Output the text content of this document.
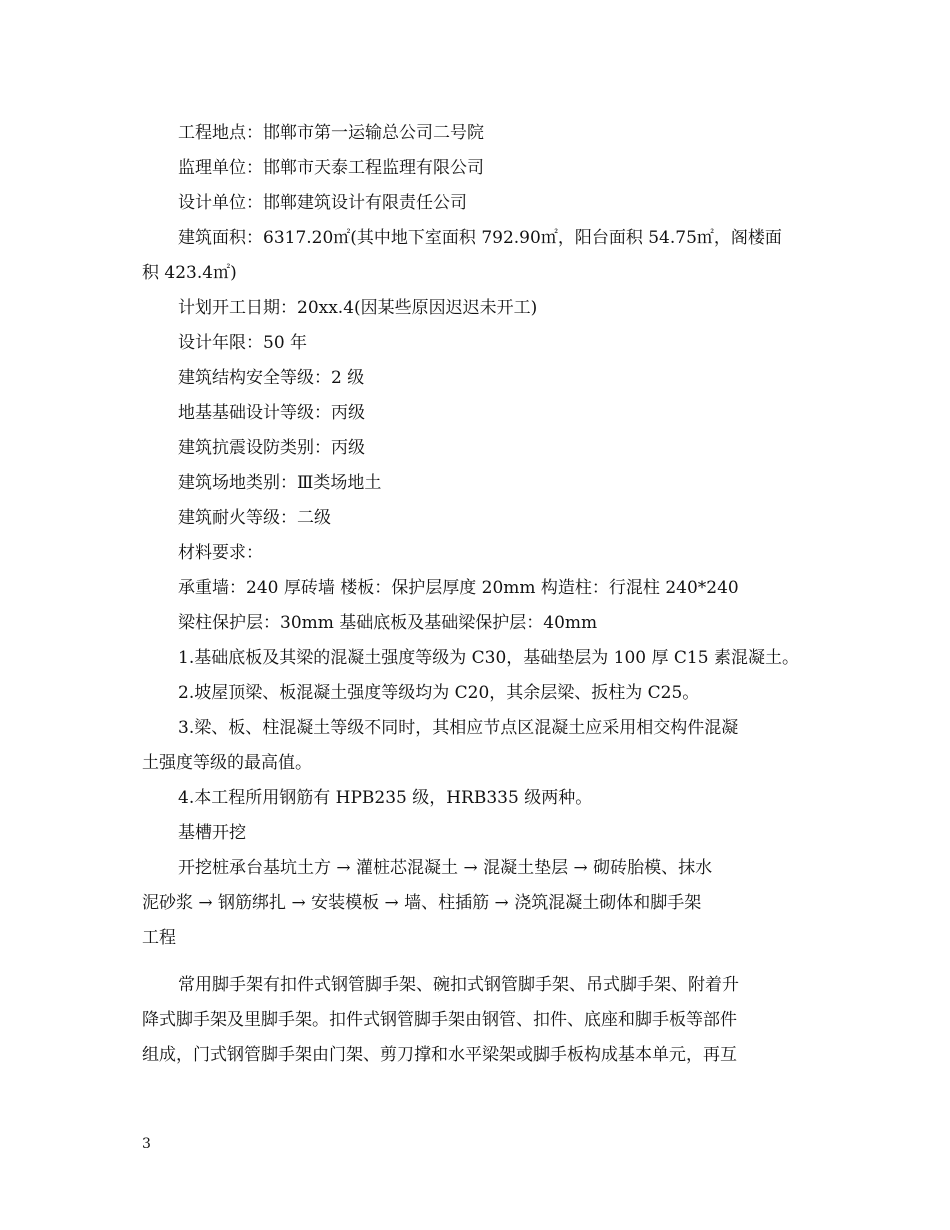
工程地点：邯郸市第一运输总公司二号院
监理单位：邯郸市天泰工程监理有限公司
设计单位：邯郸建筑设计有限责任公司
建筑面积：6317.20㎡(其中地下室面积 792.90㎡，阳台面积 54.75㎡，阁楼面
积 423.4㎡)
计划开工日期：20xx.4(因某些原因迟迟未开工)
设计年限：50 年
建筑结构安全等级：2 级
地基基础设计等级：丙级
建筑抗震设防类别：丙级
建筑场地类别：Ⅲ类场地土
建筑耐火等级：二级
材料要求：
承重墙：240 厚砖墙 楼板：保护层厚度 20mm 构造柱：行混柱 240*240
梁柱保护层：30mm 基础底板及基础梁保护层：40mm
1.基础底板及其梁的混凝土强度等级为 C30，基础垫层为 100 厚 C15 素混凝土。
2.坡屋顶梁、板混凝土强度等级均为 C20，其余层梁、扳柱为 C25。
3.梁、板、柱混凝土等级不同时，其相应节点区混凝土应采用相交构件混凝
土强度等级的最高值。
4.本工程所用钢筋有 HPB235 级，HRB335 级两种。
基槽开挖
开挖桩承台基坑土方 → 灌桩芯混凝土 → 混凝土垫层 → 砌砖胎模、抹水
泥砂浆 → 钢筋绑扎 → 安装模板 → 墙、柱插筋 → 浇筑混凝土砌体和脚手架
工程
常用脚手架有扣件式钢管脚手架、碗扣式钢管脚手架、吊式脚手架、附着升
降式脚手架及里脚手架。扣件式钢管脚手架由钢管、扣件、底座和脚手板等部件
组成，门式钢管脚手架由门架、剪刀撑和水平梁架或脚手板构成基本单元，再互
3
